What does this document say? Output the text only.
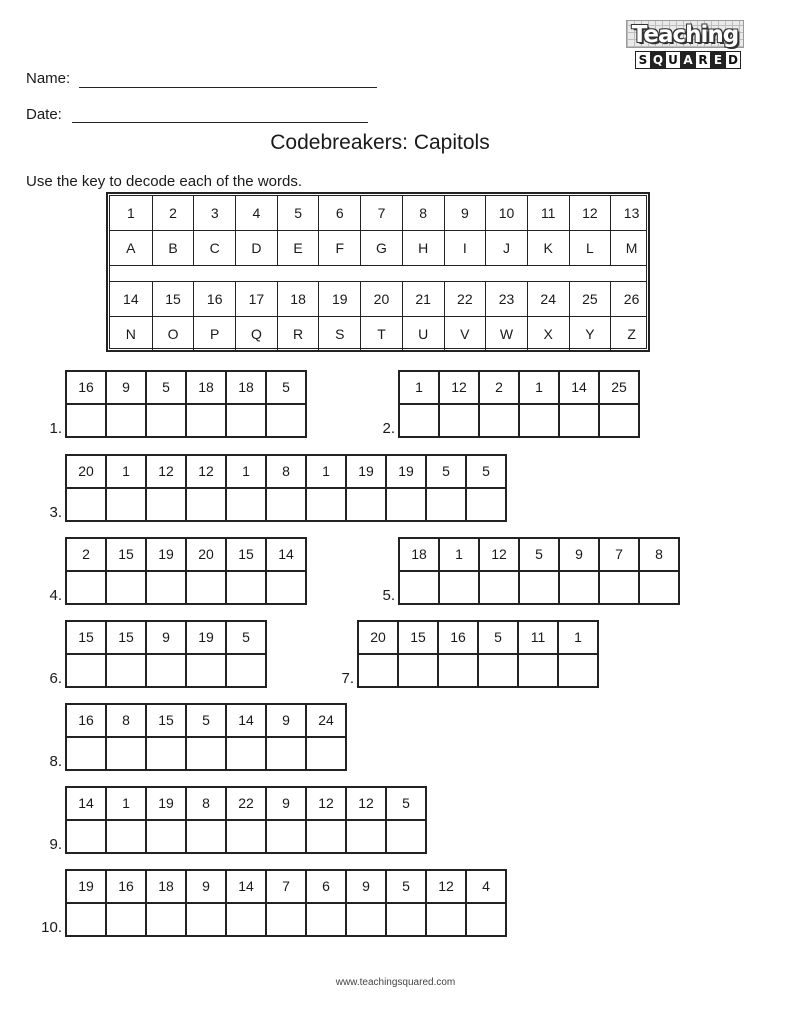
Teaching
S Q U A R E D
Name:
Date:
Codebreakers: Capitols
Use the key to decode each of the words.
1	2	3	4	5	6	7	8	9	10	11	12	13
A	B	C	D	E	F	G	H	I	J	K	L	M
14	15	16	17	18	19	20	21	22	23	24	25	26
N	O	P	Q	R	S	T	U	V	W	X	Y	Z
16	9	5	18	18	5
1.
1	12	2	1	14	25
2.
20	1	12	12	1	8	1	19	19	5	5
3.
2	15	19	20	15	14
4.
18	1	12	5	9	7	8
5.
15	15	9	19	5
6.
20	15	16	5	11	1
7.
16	8	15	5	14	9	24
8.
14	1	19	8	22	9	12	12	5
9.
19	16	18	9	14	7	6	9	5	12	4
10.
www.teachingsquared.com
